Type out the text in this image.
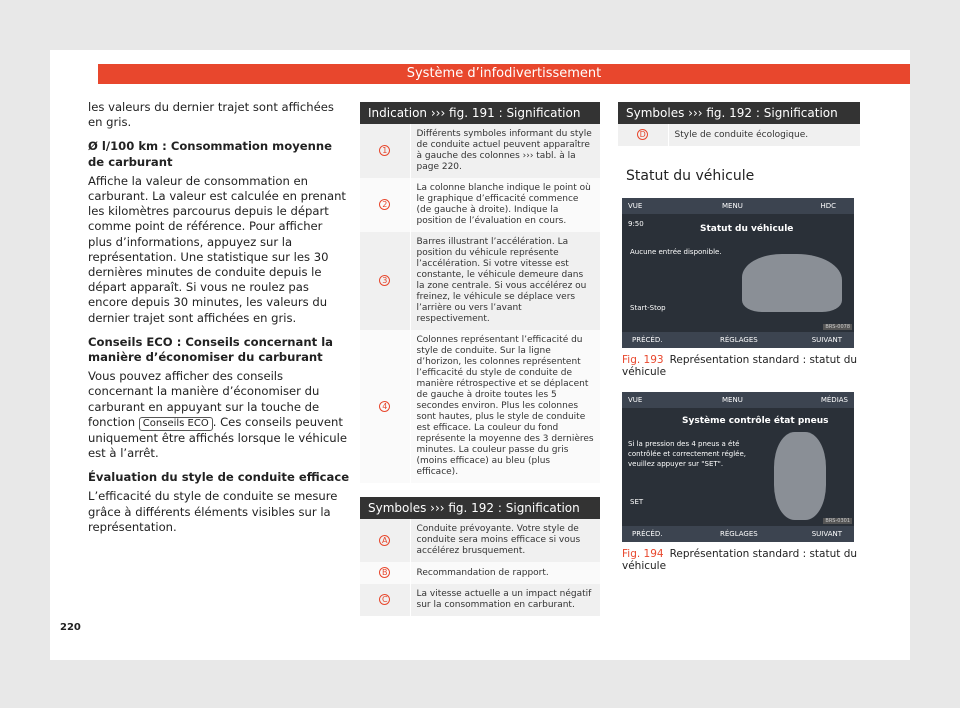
Système d’infodivertissement

les valeurs du dernier trajet sont affichées en gris.

Ø l/100 km : Consommation moyenne de carburant

Affiche la valeur de consommation en carburant. La valeur est calculée en prenant les kilomètres parcourus depuis le départ comme point de référence. Pour afficher plus d’informations, appuyez sur la représentation. Une statistique sur les 30 dernières minutes de conduite depuis le départ apparaît. Si vous ne roulez pas encore depuis 30 minutes, les valeurs du dernier trajet sont affichées en gris.

Conseils ECO : Conseils concernant la manière d’économiser du carburant

Vous pouvez afficher des conseils concernant la manière d’économiser du carburant en appuyant sur la touche de fonction Conseils ECO . Ces conseils peuvent uniquement être affichés lorsque le véhicule est à l’arrêt.

Évaluation du style de conduite efficace

L’efficacité du style de conduite se mesure grâce à différents éléments visibles sur la représentation.

220
Indication ››› fig. 191 : Signification	
1	Différents symboles informant du style de conduite actuel peuvent apparaître à gauche des colonnes ››› tabl. à la page 220.
2	La colonne blanche indique le point où le graphique d’efficacité commence (de gauche à droite). Indique la position de l’évaluation en cours.
3	Barres illustrant l’accélération. La position du véhicule représente l’accélération. Si votre vitesse est constante, le véhicule demeure dans la zone centrale. Si vous accélérez ou freinez, le véhicule se déplace vers l’arrière ou vers l’avant respectivement.
4	Colonnes représentant l’efficacité du style de conduite. Sur la ligne d’horizon, les colonnes représentent l’efficacité du style de conduite de manière rétrospective et se déplacent de gauche à droite toutes les 5 secondes environ. Plus les colonnes sont hautes, plus le style de conduite est efficace. La couleur du fond représente la moyenne des 3 dernières minutes. La couleur passe du gris (moins efficace) au bleu (plus efficace).
Symboles ››› fig. 192 : Signification	
A	Conduite prévoyante. Votre style de conduite sera moins efficace si vous accélérez brusquement.
B	Recommandation de rapport.
C	La vitesse actuelle a un impact négatif sur la consommation en carburant.
Symboles ››› fig. 192 : Signification
D	Style de conduite écologique.
Statut du véhicule
VUE	MENU	HDC
9:50	Statut du véhicule
Aucune entrée disponible.
Start-Stop
PRÉCÉD.	RÉGLAGES	SUIVANT
BRS-0078
Fig. 193 Représentation standard : statut du véhicule
VUE	MENU	MÉDIAS
Système contrôle état pneus
Si la pression des 4 pneus a été
contrôlée et correctement réglée,
veuillez appuyer sur "SET".
SET
PRÉCÉD.	RÉGLAGES	SUIVANT
BRS-0301
Fig. 194 Représentation standard : statut du véhicule
